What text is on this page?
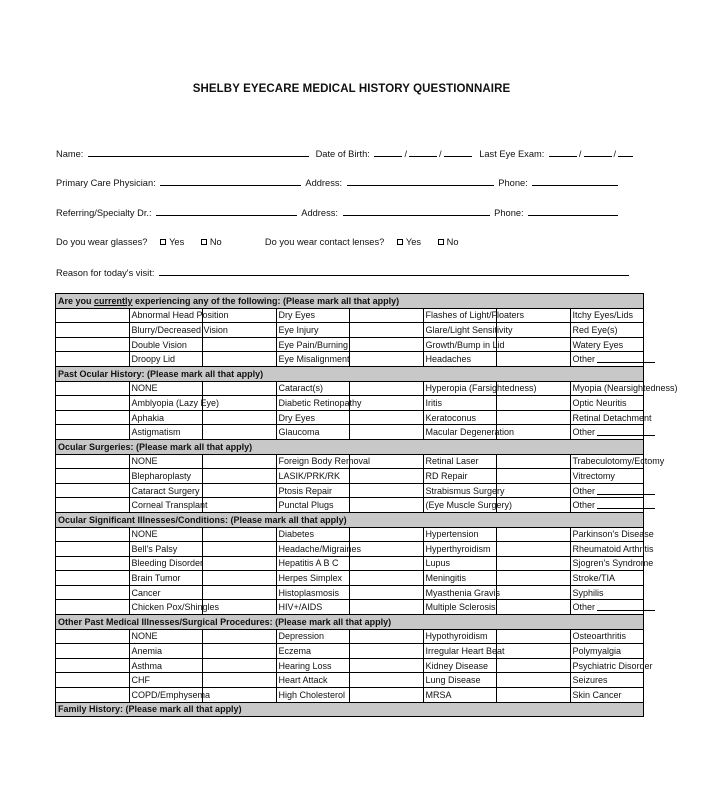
SHELBY EYECARE MEDICAL HISTORY QUESTIONNAIRE
Name:	Date of Birth:	/	/	Last Eye Exam:	/	/
Primary Care Physician:	Address:	Phone:
Referring/Specialty Dr.:	Address:	Phone:
Do you wear glasses? Yes	No	Do you wear contact lenses? Yes	No
Reason for today's visit:
Are you currently experiencing any of the following: (Please mark all that apply)							
	Abnormal Head Position		Dry Eyes		Flashes of Light/Floaters		Itchy Eyes/Lids
	Blurry/Decreased Vision		Eye Injury		Glare/Light Sensitivity		Red Eye(s)
	Double Vision		Eye Pain/Burning		Growth/Bump in Lid		Watery Eyes
	Droopy Lid		Eye Misalignment		Headaches		Other
Past Ocular History: (Please mark all that apply)							
	NONE		Cataract(s)		Hyperopia (Farsightedness)		Myopia (Nearsightedness)
	Amblyopia (Lazy Eye)		Diabetic Retinopathy		Iritis		Optic Neuritis
	Aphakia		Dry Eyes		Keratoconus		Retinal Detachment
	Astigmatism		Glaucoma		Macular Degeneration		Other
Ocular Surgeries: (Please mark all that apply)							
	NONE		Foreign Body Removal		Retinal Laser		Trabeculotomy/Ectomy
	Blepharoplasty		LASIK/PRK/RK		RD Repair		Vitrectomy
	Cataract Surgery		Ptosis Repair		Strabismus Surgery		Other
	Corneal Transplant		Punctal Plugs		(Eye Muscle Surgery)		Other
Ocular Significant Illnesses/Conditions: (Please mark all that apply)							
	NONE		Diabetes		Hypertension		Parkinson's Disease
	Bell's Palsy		Headache/Migraines		Hyperthyroidism		Rheumatoid Arthritis
	Bleeding Disorder		Hepatitis A B C		Lupus		Sjogren's Syndrome
	Brain Tumor		Herpes Simplex		Meningitis		Stroke/TIA
	Cancer		Histoplasmosis		Myasthenia Gravis		Syphilis
	Chicken Pox/Shingles		HIV+/AIDS		Multiple Sclerosis		Other
Other Past Medical Illnesses/Surgical Procedures: (Please mark all that apply)							
	NONE		Depression		Hypothyroidism		Osteoarthritis
	Anemia		Eczema		Irregular Heart Beat		Polymyalgia
	Asthma		Hearing Loss		Kidney Disease		Psychiatric Disorder
	CHF		Heart Attack		Lung Disease		Seizures
	COPD/Emphysema		High Cholesterol		MRSA		Skin Cancer
Family History: (Please mark all that apply)							
